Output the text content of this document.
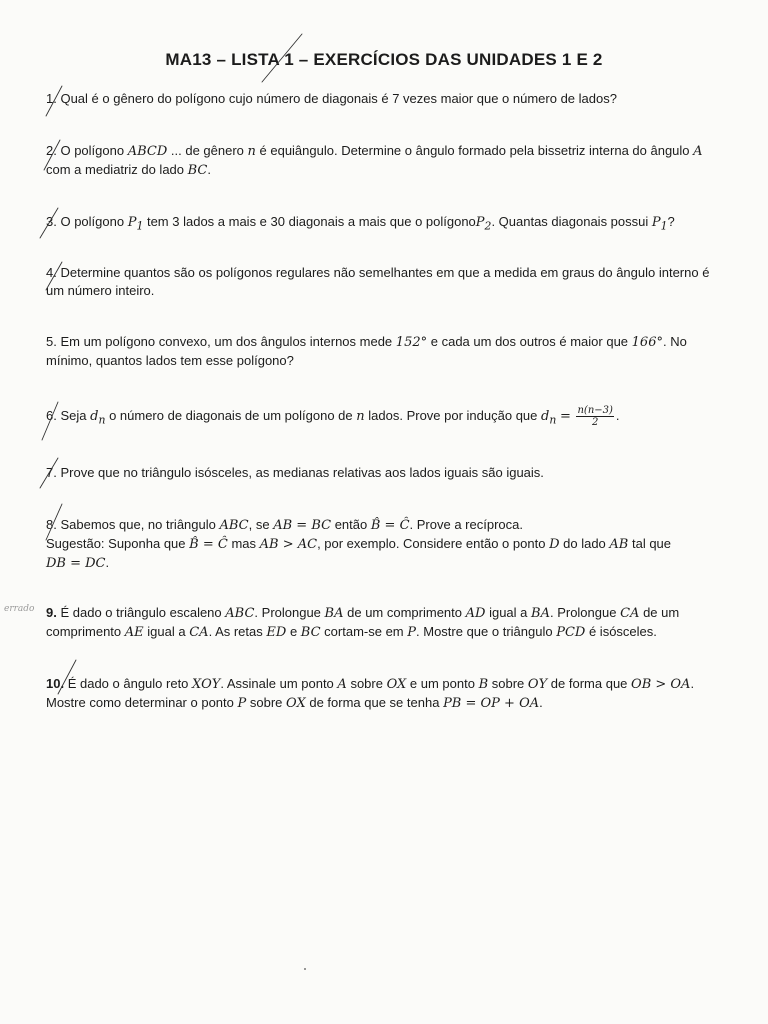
MA13 – LISTA 1 – EXERCÍCIOS DAS UNIDADES 1 E 2
1. Qual é o gênero do polígono cujo número de diagonais é 7 vezes maior que o número de lados?
2. O polígono ABCD ... de gênero n é equiângulo. Determine o ângulo formado pela bissetriz interna do ângulo A com a mediatriz do lado BC.
3. O polígono $P_1$ tem 3 lados a mais e 30 diagonais a mais que o polígonoP$_2$. Quantas diagonais possui $P_1$?
4. Determine quantos são os polígonos regulares não semelhantes em que a medida em graus do ângulo interno é um número inteiro.
5. Em um polígono convexo, um dos ângulos internos mede 152° e cada um dos outros é maior que 166°. No mínimo, quantos lados tem esse polígono?
6. Seja $d_n$ o número de diagonais de um polígono de n lados. Prove por indução que $d_n = \frac{n(n-3)}{2}$ .
7. Prove que no triângulo isósceles, as medianas relativas aos lados iguais são iguais.
8. Sabemos que, no triângulo ABC, se AB = BC então B̂ = Ĉ. Prove a recíproca.
Sugestão: Suponha que B̂ = Ĉ mas AB > AC, por exemplo. Considere então o ponto D do lado AB tal que
DB = DC.
errado 9. É dado o triângulo escaleno ABC. Prolongue BA de um comprimento AD igual a BA. Prolongue CA de um comprimento AE igual a CA. As retas ED e BC cortam-se em P. Mostre que o triângulo PCD é isósceles.
10. É dado o ângulo reto XOY. Assinale um ponto A sobre OX e um ponto B sobre OY de forma que OB > OA.
Mostre como determinar o ponto P sobre OX de forma que se tenha PB = OP + OA.
